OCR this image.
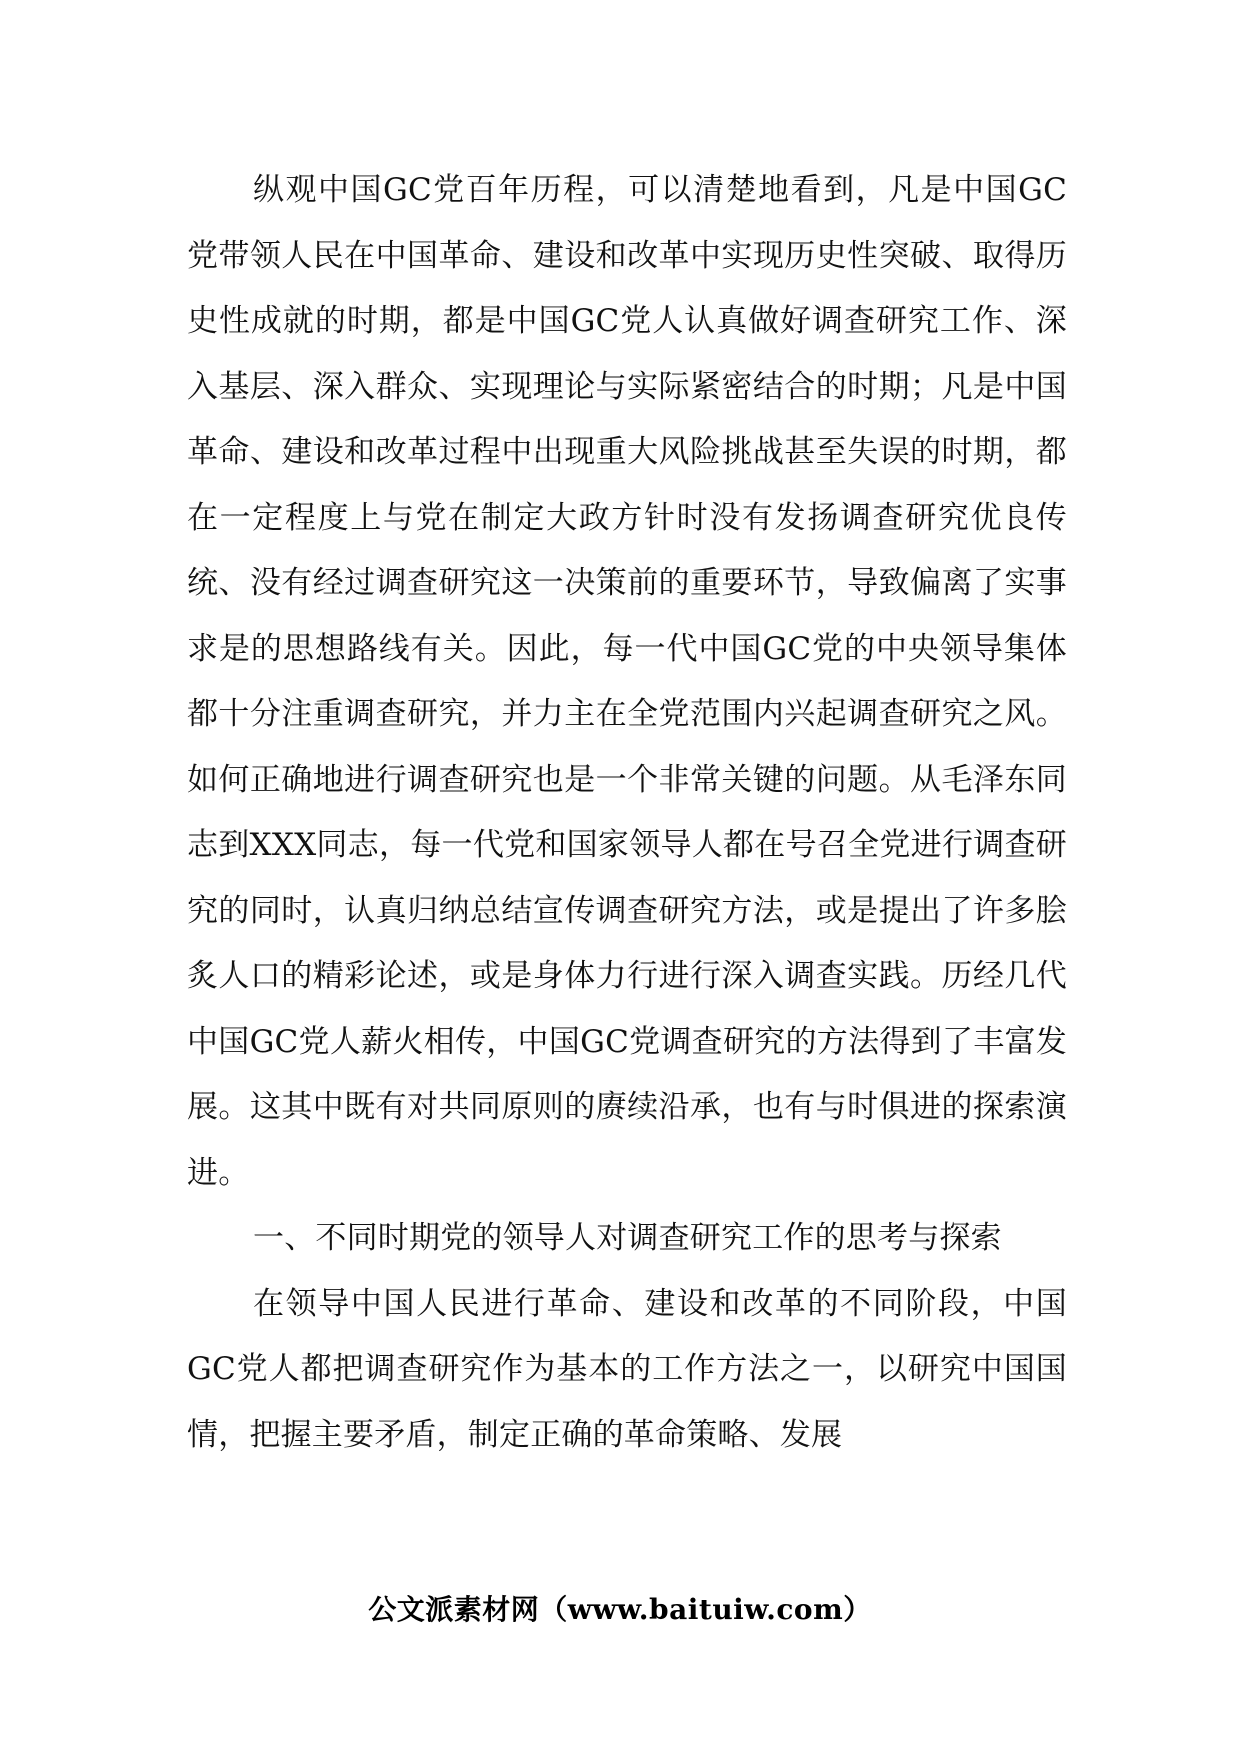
纵观中国GC党百年历程，可以清楚地看到，凡是中国GC党带领人民在中国革命、建设和改革中实现历史性突破、取得历史性成就的时期，都是中国GC党人认真做好调查研究工作、深入基层、深入群众、实现理论与实际紧密结合的时期；凡是中国革命、建设和改革过程中出现重大风险挑战甚至失误的时期，都在一定程度上与党在制定大政方针时没有发扬调查研究优良传统、没有经过调查研究这一决策前的重要环节，导致偏离了实事求是的思想路线有关。因此，每一代中国GC党的中央领导集体都十分注重调查研究，并力主在全党范围内兴起调查研究之风。如何正确地进行调查研究也是一个非常关键的问题。从毛泽东同志到XXX同志，每一代党和国家领导人都在号召全党进行调查研究的同时，认真归纳总结宣传调查研究方法，或是提出了许多脍炙人口的精彩论述，或是身体力行进行深入调查实践。历经几代中国GC党人薪火相传，中国GC党调查研究的方法得到了丰富发展。这其中既有对共同原则的赓续沿承，也有与时俱进的探索演进。

一、不同时期党的领导人对调查研究工作的思考与探索

在领导中国人民进行革命、建设和改革的不同阶段，中国GC党人都把调查研究作为基本的工作方法之一，以研究中国国情，把握主要矛盾，制定正确的革命策略、发展

公文派素材网（www.baituiw.com）
